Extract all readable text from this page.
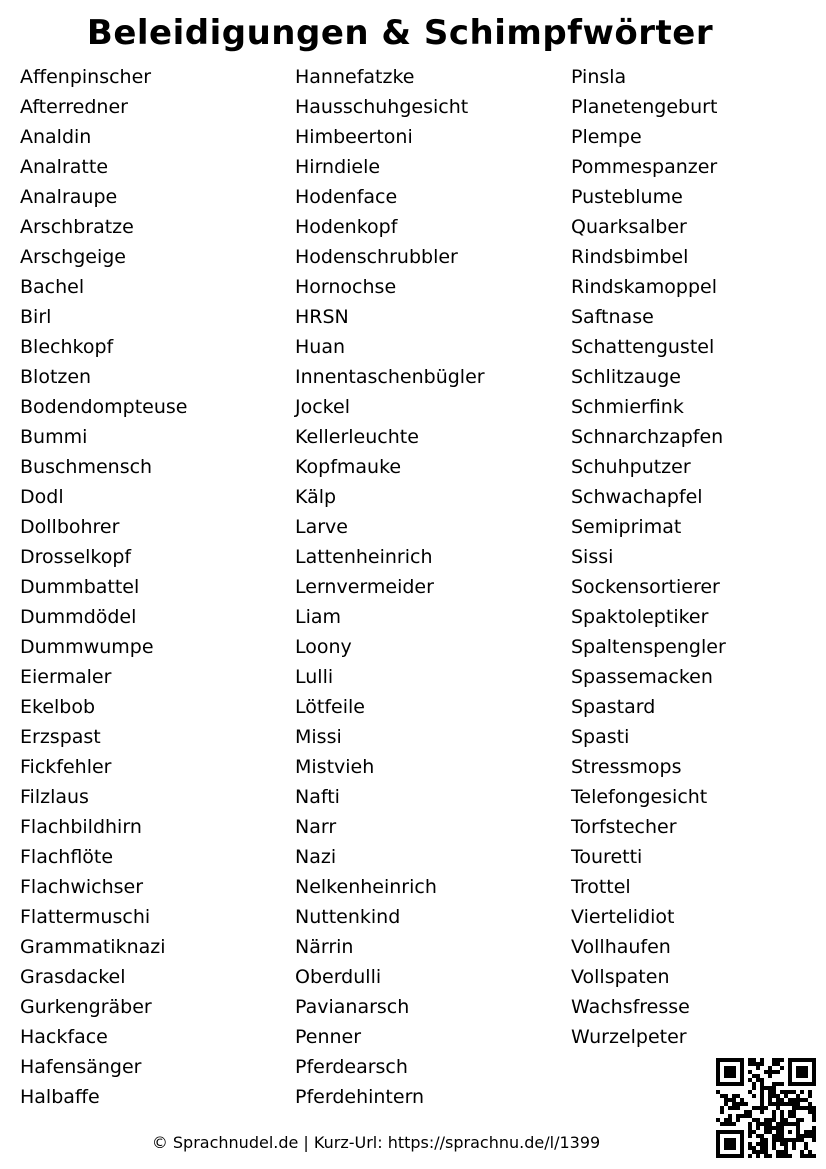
Beleidigungen & Schimpfwörter
Affenpinscher
Afterredner
Analdin
Analratte
Analraupe
Arschbratze
Arschgeige
Bachel
Birl
Blechkopf
Blotzen
Bodendompteuse
Bummi
Buschmensch
Dodl
Dollbohrer
Drosselkopf
Dummbattel
Dummdödel
Dummwumpe
Eiermaler
Ekelbob
Erzspast
Fickfehler
Filzlaus
Flachbildhirn
Flachflöte
Flachwichser
Flattermuschi
Grammatiknazi
Grasdackel
Gurkengräber
Hackface
Hafensänger
Halbaffe
Hannefatzke
Hausschuhgesicht
Himbeertoni
Hirndiele
Hodenface
Hodenkopf
Hodenschrubbler
Hornochse
HRSN
Huan
Innentaschenbügler
Jockel
Kellerleuchte
Kopfmauke
Kälp
Larve
Lattenheinrich
Lernvermeider
Liam
Loony
Lulli
Lötfeile
Missi
Mistvieh
Nafti
Narr
Nazi
Nelkenheinrich
Nuttenkind
Närrin
Oberdulli
Pavianarsch
Penner
Pferdearsch
Pferdehintern
Pinsla
Planetengeburt
Plempe
Pommespanzer
Pusteblume
Quarksalber
Rindsbimbel
Rindskamoppel
Saftnase
Schattengustel
Schlitzauge
Schmierfink
Schnarchzapfen
Schuhputzer
Schwachapfel
Semiprimat
Sissi
Sockensortierer
Spaktoleptiker
Spaltenspengler
Spassemacken
Spastard
Spasti
Stressmops
Telefongesicht
Torfstecher
Touretti
Trottel
Viertelidiot
Vollhaufen
Vollspaten
Wachsfresse
Wurzelpeter
© Sprachnudel.de | Kurz-Url: https://sprachnu.de/l/1399
